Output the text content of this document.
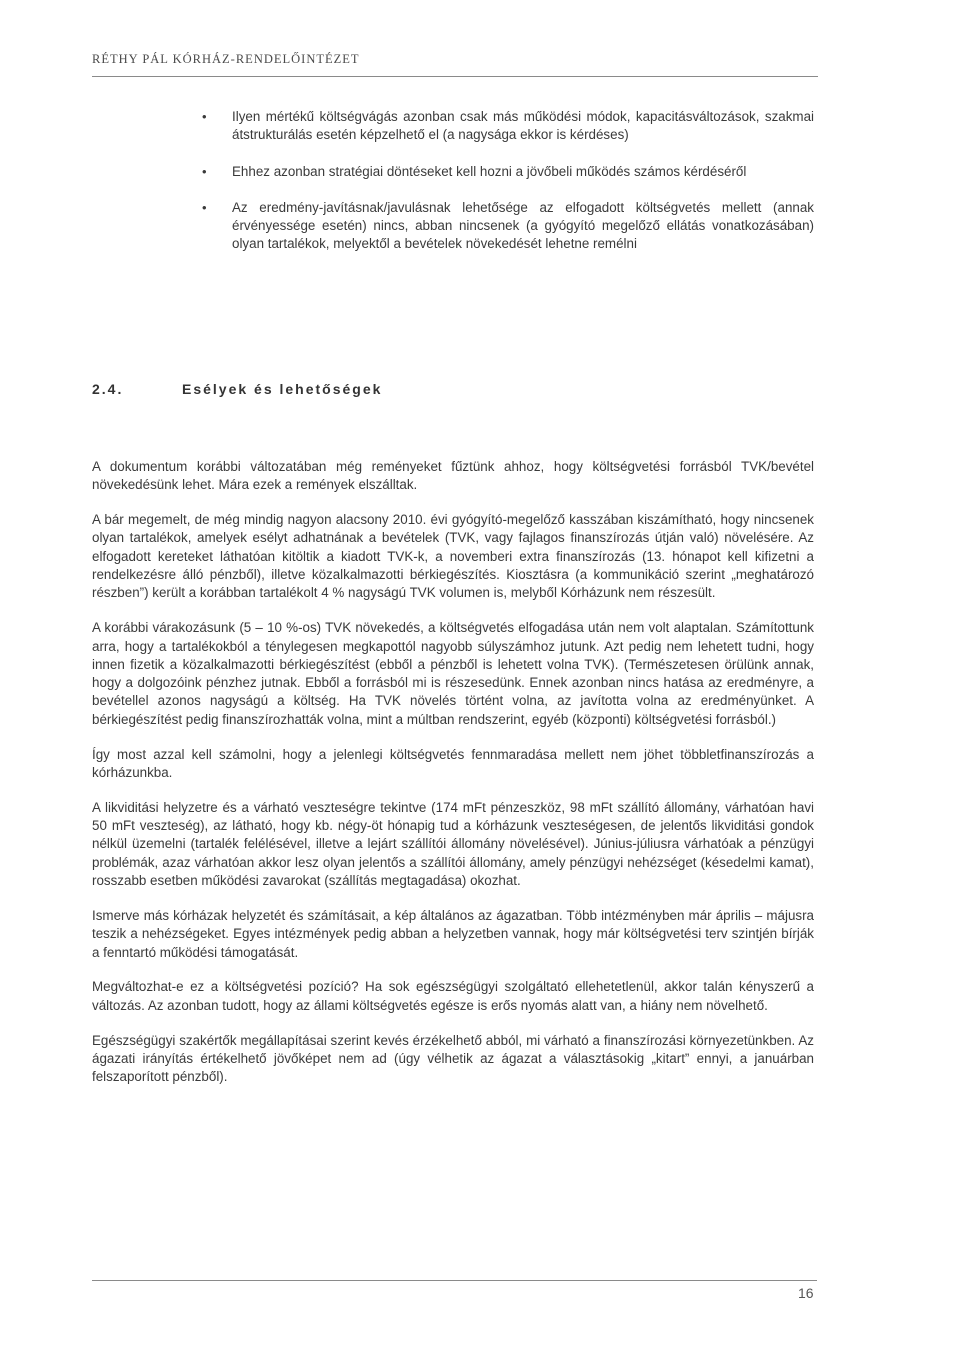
RÉTHY PÁL KÓRHÁZ-RENDELŐINTÉZET
• Ilyen mértékű költségvágás azonban csak más működési módok, kapacitásváltozások, szakmai átstrukturálás esetén képzelhető el (a nagysága ekkor is kérdéses)
• Ehhez azonban stratégiai döntéseket kell hozni a jövőbeli működés számos kérdéséről
• Az eredmény-javításnak/javulásnak lehetősége az elfogadott költségvetés mellett (annak érvényessége esetén) nincs, abban nincsenek (a gyógyító megelőző ellátás vonatkozásában) olyan tartalékok, melyektől a bevételek növekedését lehetne remélni
2.4.	Esélyek és lehetőségek

A dokumentum korábbi változatában még reményeket fűztünk ahhoz, hogy költségvetési forrásból TVK/bevétel növekedésünk lehet. Mára ezek a remények elszálltak.

A bár megemelt, de még mindig nagyon alacsony 2010. évi gyógyító-megelőző kasszában kiszámítható, hogy nincsenek olyan tartalékok, amelyek esélyt adhatnának a bevételek (TVK, vagy fajlagos finanszírozás útján való) növelésére. Az elfogadott kereteket láthatóan kitöltik a kiadott TVK-k, a novemberi extra finanszírozás (13. hónapot kell kifizetni a rendelkezésre álló pénzből), illetve közalkalmazotti bérkiegészítés. Kiosztásra (a kommunikáció szerint „meghatározó részben”) került a korábban tartalékolt 4 % nagyságú TVK volumen is, melyből Kórházunk nem részesült.

A korábbi várakozásunk (5 – 10 %-os) TVK növekedés, a költségvetés elfogadása után nem volt alaptalan. Számítottunk arra, hogy a tartalékokból a ténylegesen megkapottól nagyobb súlyszámhoz jutunk. Azt pedig nem lehetett tudni, hogy innen fizetik a közalkalmazotti bérkiegészítést (ebből a pénzből is lehetett volna TVK). (Természetesen örülünk annak, hogy a dolgozóink pénzhez jutnak. Ebből a forrásból mi is részesedünk. Ennek azonban nincs hatása az eredményre, a bevétellel azonos nagyságú a költség. Ha TVK növelés történt volna, az javította volna az eredményünket. A bérkiegészítést pedig finanszírozhatták volna, mint a múltban rendszerint, egyéb (központi) költségvetési forrásból.)

Így most azzal kell számolni, hogy a jelenlegi költségvetés fennmaradása mellett nem jöhet többletfinanszírozás a kórházunkba.

A likviditási helyzetre és a várható veszteségre tekintve (174 mFt pénzeszköz, 98 mFt szállító állomány, várhatóan havi 50 mFt veszteség), az látható, hogy kb. négy-öt hónapig tud a kórházunk veszteségesen, de jelentős likviditási gondok nélkül üzemelni (tartalék felélésével, illetve a lejárt szállítói állomány növelésével). Június-júliusra várhatóak a pénzügyi problémák, azaz várhatóan akkor lesz olyan jelentős a szállítói állomány, amely pénzügyi nehézséget (késedelmi kamat), rosszabb esetben működési zavarokat (szállítás megtagadása) okozhat.

Ismerve más kórházak helyzetét és számításait, a kép általános az ágazatban. Több intézményben már április – májusra teszik a nehézségeket. Egyes intézmények pedig abban a helyzetben vannak, hogy már költségvetési terv szintjén bírják a fenntartó működési támogatását.

Megváltozhat-e ez a költségvetési pozíció? Ha sok egészségügyi szolgáltató ellehetetlenül, akkor talán kényszerű a változás. Az azonban tudott, hogy az állami költségvetés egésze is erős nyomás alatt van, a hiány nem növelhető.

Egészségügyi szakértők megállapításai szerint kevés érzékelhető abból, mi várható a finanszírozási környezetünkben. Az ágazati irányítás értékelhető jövőképet nem ad (úgy vélhetik az ágazat a választásokig „kitart” ennyi, a januárban felszaporított pénzből).

16
